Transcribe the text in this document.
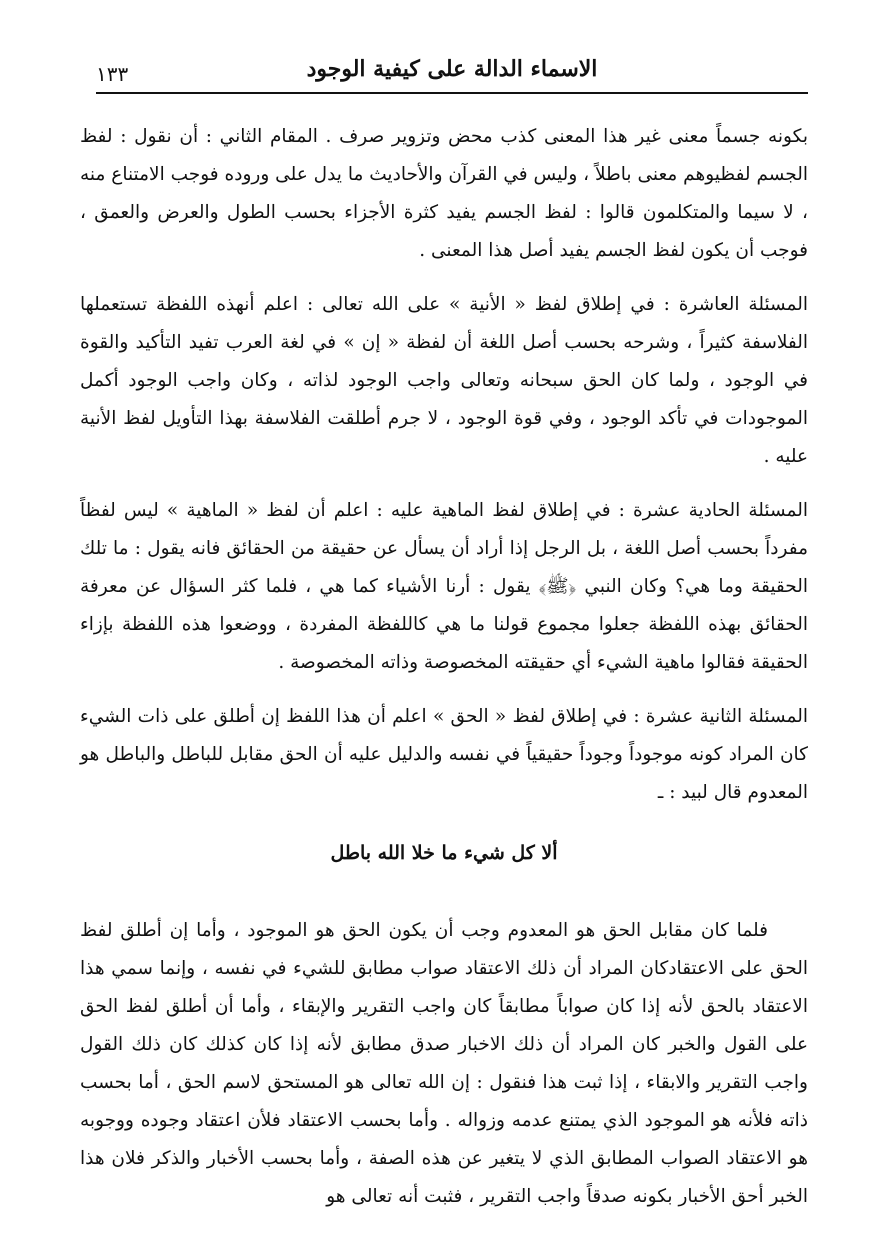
الاسماء الدالة على كيفية الوجود
١٣٣

بكونه جسماً معنى غير هذا المعنى كذب محض وتزوير صرف . المقام الثاني : أن نقول : لفظ الجسم لفظيوهم معنى باطلاً ، وليس في القرآن والأحاديث ما يدل على وروده فوجب الامتناع منه ، لا سيما والمتكلمون قالوا : لفظ الجسم يفيد كثرة الأجزاء بحسب الطول والعرض والعمق ، فوجب أن يكون لفظ الجسم يفيد أصل هذا المعنى .

المسئلة العاشرة : في إطلاق لفظ « الأنية » على الله تعالى : اعلم أنهذه اللفظة تستعملها الفلاسفة كثيراً ، وشرحه بحسب أصل اللغة أن لفظة « إن » في لغة العرب تفيد التأكيد والقوة في الوجود ، ولما كان الحق سبحانه وتعالى واجب الوجود لذاته ، وكان واجب الوجود أكمل الموجودات في تأكد الوجود ، وفي قوة الوجود ، لا جرم أطلقت الفلاسفة بهذا التأويل لفظ الأنية عليه .

المسئلة الحادية عشرة : في إطلاق لفظ الماهية عليه : اعلم أن لفظ « الماهية » ليس لفظاً مفرداً بحسب أصل اللغة ، بل الرجل إذا أراد أن يسأل عن حقيقة من الحقائق فانه يقول : ما تلك الحقيقة وما هي؟ وكان النبي ﴿ﷺ﴾ يقول : أرنا الأشياء كما هي ، فلما كثر السؤال عن معرفة الحقائق بهذه اللفظة جعلوا مجموع قولنا ما هي كاللفظة المفردة ، ووضعوا هذه اللفظة بإزاء الحقيقة فقالوا ماهية الشيء أي حقيقته المخصوصة وذاته المخصوصة .

المسئلة الثانية عشرة : في إطلاق لفظ « الحق » اعلم أن هذا اللفظ إن أطلق على ذات الشيء كان المراد كونه موجوداً وجوداً حقيقياً في نفسه والدليل عليه أن الحق مقابل للباطل والباطل هو المعدوم قال لبيد : ـ

ألا كل شيء ما خلا الله باطل

فلما كان مقابل الحق هو المعدوم وجب أن يكون الحق هو الموجود ، وأما إن أطلق لفظ الحق على الاعتقادكان المراد أن ذلك الاعتقاد صواب مطابق للشيء في نفسه ، وإنما سمي هذا الاعتقاد بالحق لأنه إذا كان صواباً مطابقاً كان واجب التقرير والإبقاء ، وأما أن أطلق لفظ الحق على القول والخبر كان المراد أن ذلك الاخبار صدق مطابق لأنه إذا كان كذلك كان ذلك القول واجب التقرير والابقاء ، إذا ثبت هذا فنقول : إن الله تعالى هو المستحق لاسم الحق ، أما بحسب ذاته فلأنه هو الموجود الذي يمتنع عدمه وزواله . وأما بحسب الاعتقاد فلأن اعتقاد وجوده ووجوبه هو الاعتقاد الصواب المطابق الذي لا يتغير عن هذه الصفة ، وأما بحسب الأخبار والذكر فلان هذا الخبر أحق الأخبار بكونه صدقاً واجب التقرير ، فثبت أنه تعالى هو
